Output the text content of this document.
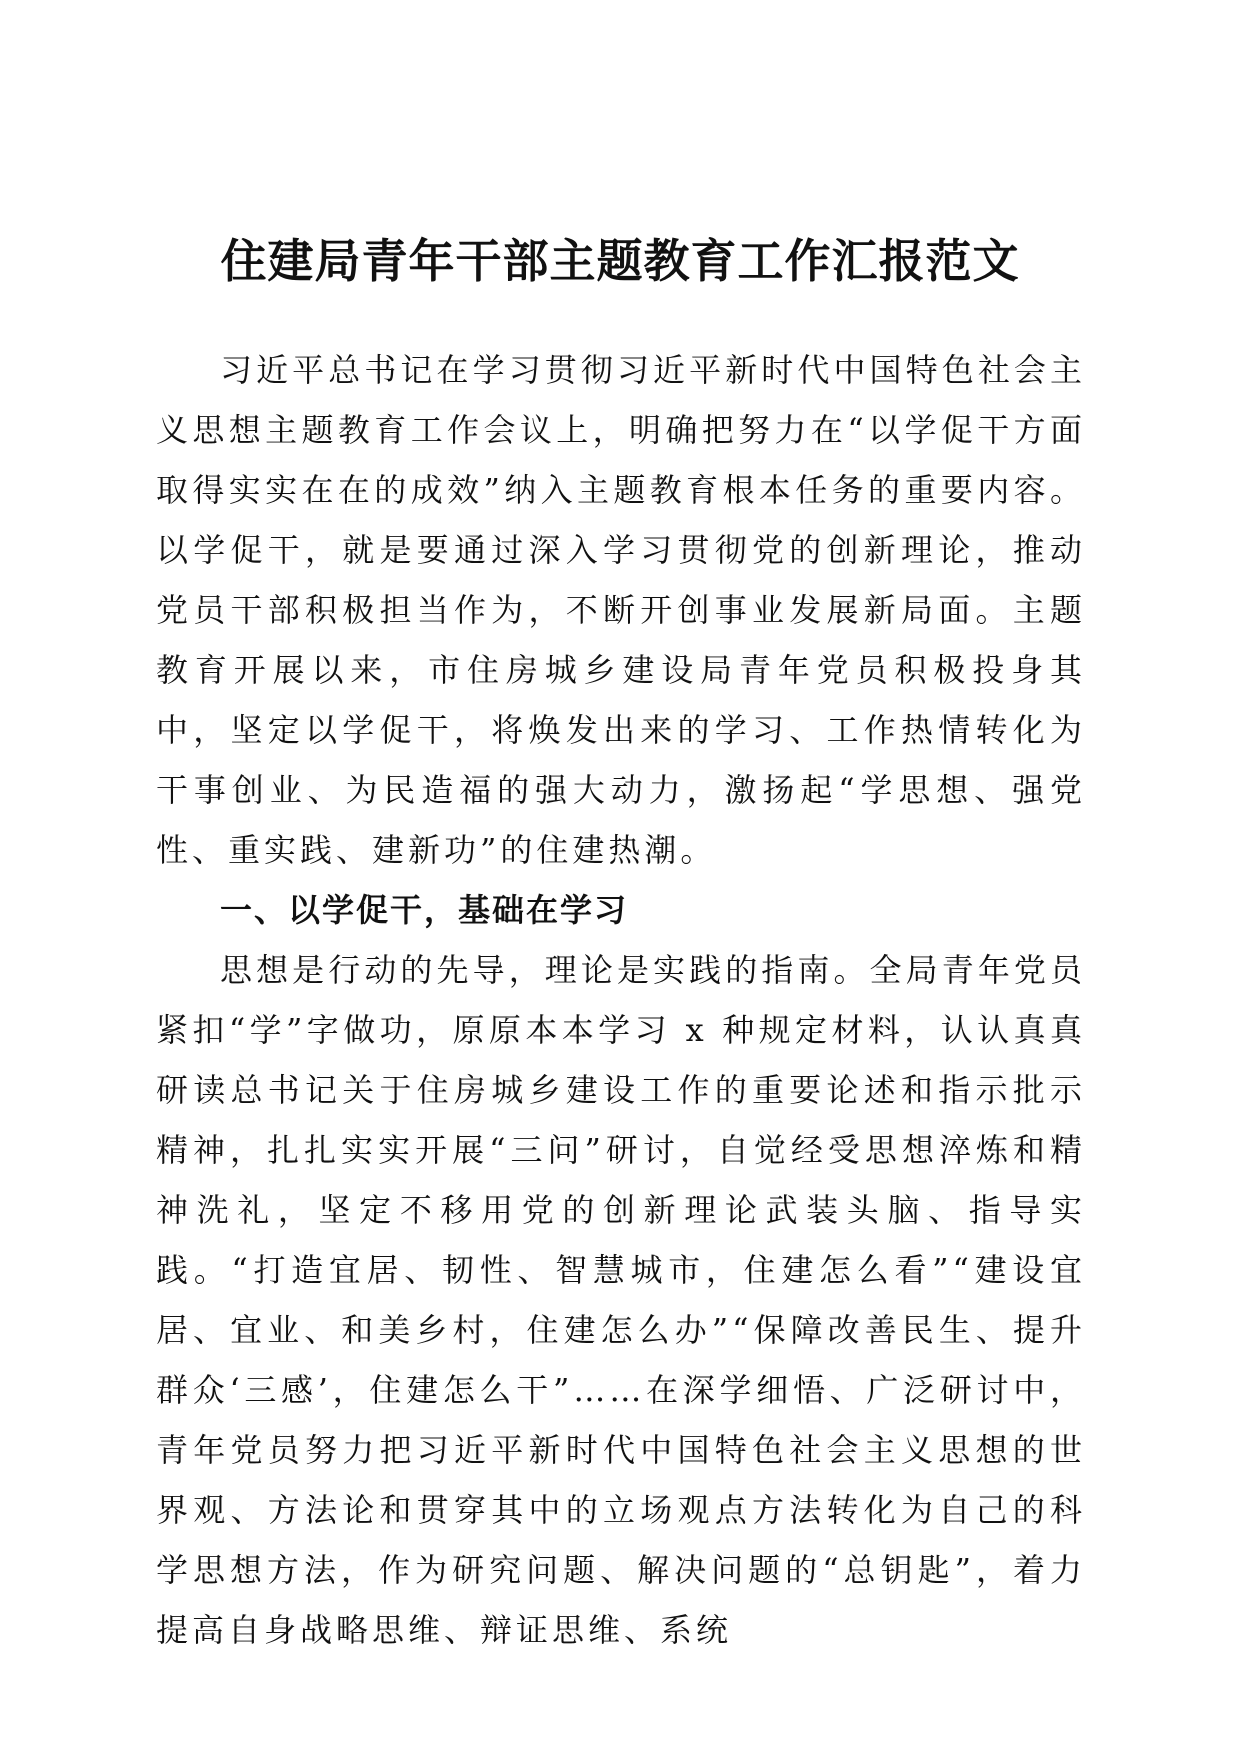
住建局青年干部主题教育工作汇报范文

习近平总书记在学习贯彻习近平新时代中国特色社会主义思想主题教育工作会议上，明确把努力在“以学促干方面取得实实在在的成效”纳入主题教育根本任务的重要内容。以学促干，就是要通过深入学习贯彻党的创新理论，推动党员干部积极担当作为，不断开创事业发展新局面。主题教育开展以来，市住房城乡建设局青年党员积极投身其中，坚定以学促干，将焕发出来的学习、工作热情转化为干事创业、为民造福的强大动力，激扬起“学思想、强党性、重实践、建新功”的住建热潮。

一、以学促干，基础在学习

思想是行动的先导，理论是实践的指南。全局青年党员紧扣“学”字做功，原原本本学习 x 种规定材料，认认真真研读总书记关于住房城乡建设工作的重要论述和指示批示精神，扎扎实实开展“三问”研讨，自觉经受思想淬炼和精神洗礼，坚定不移用党的创新理论武装头脑、指导实践。“打造宜居、韧性、智慧城市，住建怎么看”“建设宜居、宜业、和美乡村，住建怎么办”“保障改善民生、提升群众‘三感’，住建怎么干”……在深学细悟、广泛研讨中，青年党员努力把习近平新时代中国特色社会主义思想的世界观、方法论和贯穿其中的立场观点方法转化为自己的科学思想方法，作为研究问题、解决问题的“总钥匙”，着力提高自身战略思维、辩证思维、系统
